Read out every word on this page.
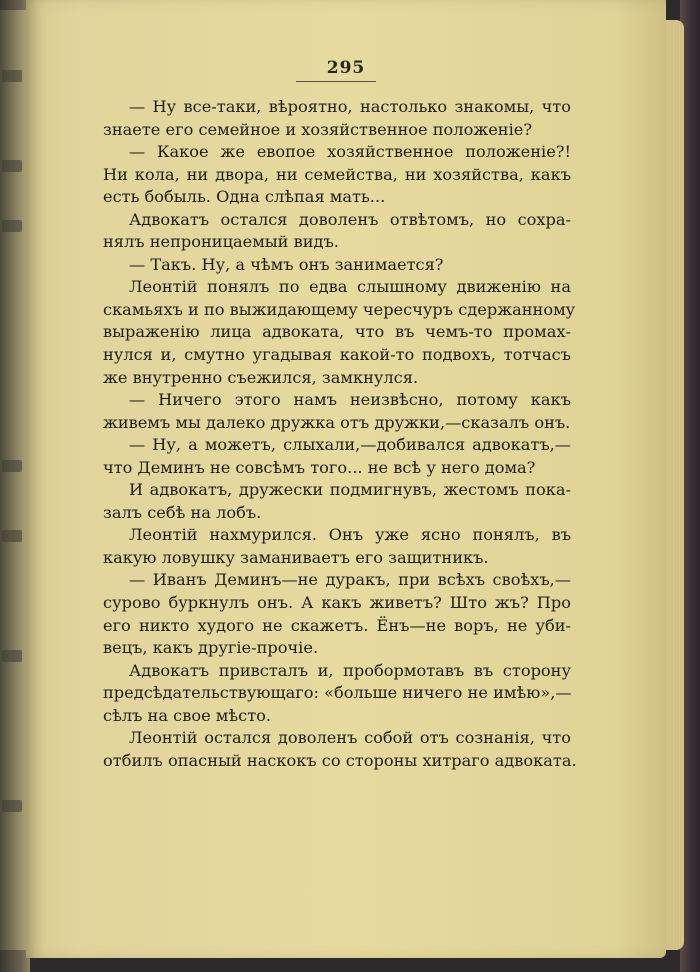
295
— Ну все-таки, вѣроятно, настолько знакомы, что
знаете его семейное и хозяйственное положенiе?
— Какое же евопое хозяйственное положенiе?!
Ни кола, ни двора, ни семейства, ни хозяйства, какъ
есть бобыль. Одна слѣпая мать...
Адвокатъ остался доволенъ отвѣтомъ, но сохра-
нялъ непроницаемый видъ.
— Такъ. Ну, а чѣмъ онъ занимается?
Леонтiй понялъ по едва слышному движенiю на
скамьяхъ и по выжидающему чересчуръ сдержанному
выраженiю лица адвоката, что въ чемъ-то промах-
нулся и, смутно угадывая какой-то подвохъ, тотчасъ
же внутренно съежился, замкнулся.
— Ничего этого намъ неизвѣсно, потому какъ
живемъ мы далеко дружка отъ дружки,—сказалъ онъ.
— Ну, а можетъ, слыхали,—добивался адвокатъ,—
что Деминъ не совсѣмъ того... не всѣ у него дома?
И адвокатъ, дружески подмигнувъ, жестомъ пока-
залъ себѣ на лобъ.
Леонтiй нахмурился. Онъ уже ясно понялъ, въ
какую ловушку заманиваетъ его защитникъ.
— Иванъ Деминъ—не дуракъ, при всѣхъ своѣхъ,—
сурово буркнулъ онъ. А какъ живетъ? Што жъ? Про
его никто худого не скажетъ. Ёнъ—не воръ, не уби-
вецъ, какъ другiе-прочiе.
Адвокатъ привсталъ и, пробормотавъ въ сторону
предсѣдательствующаго: «больше ничего не имѣю»,—
сѣлъ на свое мѣсто.
Леонтiй остался доволенъ собой отъ сознанiя, что
отбилъ опасный наскокъ со стороны хитраго адвоката.
